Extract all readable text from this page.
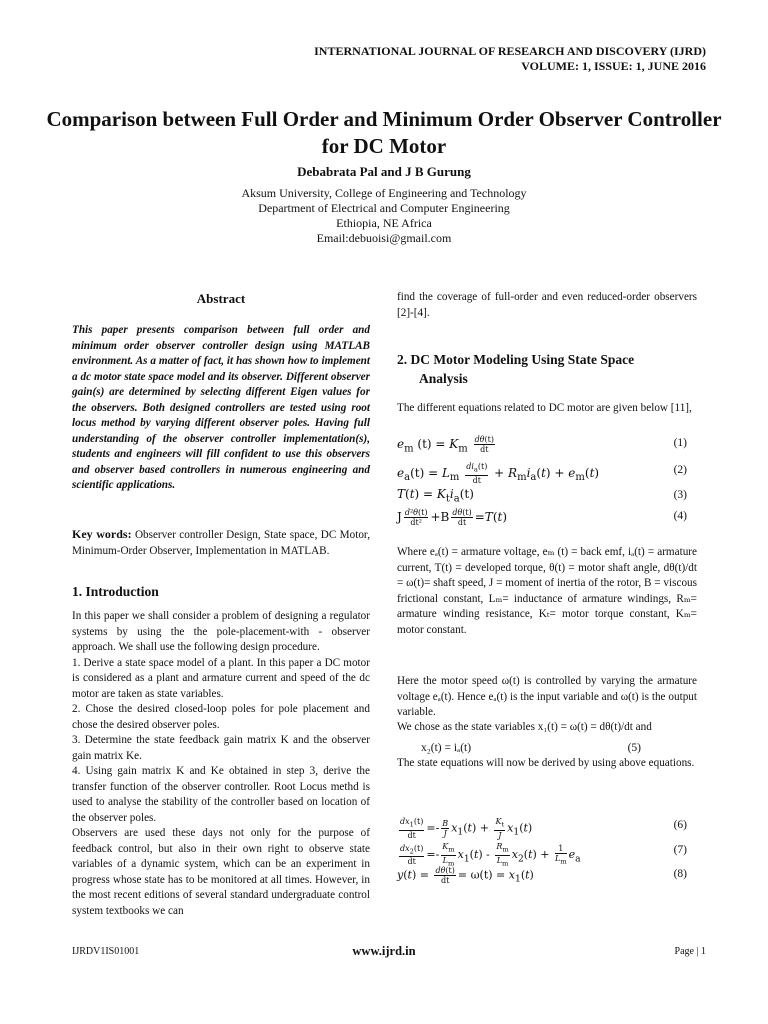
INTERNATIONAL JOURNAL OF RESEARCH AND DISCOVERY (IJRD)
VOLUME: 1, ISSUE: 1, JUNE 2016
Comparison between Full Order and Minimum Order Observer Controller for DC Motor
Debabrata Pal and J B Gurung
Aksum University, College of Engineering and Technology
Department of Electrical and Computer Engineering
Ethiopia, NE Africa
Email:debuoisi@gmail.com
Abstract
This paper presents comparison between full order and minimum order observer controller design using MATLAB environment. As a matter of fact, it has shown how to implement a dc motor state space model and its observer. Different observer gain(s) are determined by selecting different Eigen values for the observers. Both designed controllers are tested using root locus method by varying different observer poles. Having full understanding of the observer controller implementation(s), students and engineers will fill confident to use this observers and observer based controllers in numerous engineering and scientific applications.
Key words: Observer controller Design, State space, DC Motor, Minimum-Order Observer, Implementation in MATLAB.
1. Introduction

In this paper we shall consider a problem of designing a regulator systems by using the the pole-placement-with - observer approach. We shall use the following design procedure.

1. Derive a state space model of a plant. In this paper a DC motor is considered as a plant and armature current and speed of the dc motor are taken as state variables.

2. Chose the desired closed-loop poles for pole placement and chose the desired observer poles.

3. Determine the state feedback gain matrix K and the observer gain matrix Ke.

4. Using gain matrix K and Ke obtained in step 3, derive the transfer function of the observer controller. Root Locus methd is used to analyse the stability of the controller based on location of the observer poles.

Observers are used these days not only for the purpose of feedback control, but also in their own right to observe state variables of a dynamic system, which can be an experiment in progress whose state has to be monitored at all times. However, in the most recent editions of several standard undergraduate control system textbooks we can

find the coverage of full-order and even reduced-order observers [2]-[4].
2. DC Motor Modeling Using State Space
Analysis
The different equations related to DC motor are given below [11],
$e_m$ $(t) = K_m \frac{d\theta(t)}{dt}$	(1)
$e_a(t) = L_m \frac{di_a(t)}{dt} + R_mi_a(t) + e_m(t)$	(2)
$T(t) = K_ti_a(t)$	(3)
J $\frac{\text{d²θ(t)}}{\text{dt²}} +B \frac{d\theta(t)}{dt} =T(t)$	(4)
Where eₐ(t) = armature voltage, eₘ (t) = back emf, iₐ(t) = armature current, T(t) = developed torque, θ(t) = motor shaft angle, dθ(t)/dt = ω(t)= shaft speed, J = moment of inertia of the rotor, B = viscous frictional constant, Lₘ= inductance of armature windings, Rₘ= armature winding resistance, Kₜ= motor torque constant, Kₘ= motor constant.
Here the motor speed ω(t) is controlled by varying the armature voltage eₐ(t). Hence eₐ(t) is the input variable and ω(t) is the output variable.
We chose as the state variables x₁(t) = ω(t) = dθ(t)/dt and
x₂(t) = iₐ(t)	(5)
The state equations will now be derived by using above equations.
$\frac{dx_1(t)}{dt} =- \frac{B}{J} x_1(t) + \frac{K_t}{J} x_1(t)$	(6)
$\frac{dx_2(t)}{dt} =- \frac{K_m}{L_m} x_1(t) - \frac{R_m}{L_m} x_2(t) + \frac{1}{L_m} e_a$
(7)
$y(t) = \frac{d\theta(t)}{dt} = \omega(t) = x_1(t)$	(8)
IJRDV1IS01001	www.ijrd.in	Page | 1
